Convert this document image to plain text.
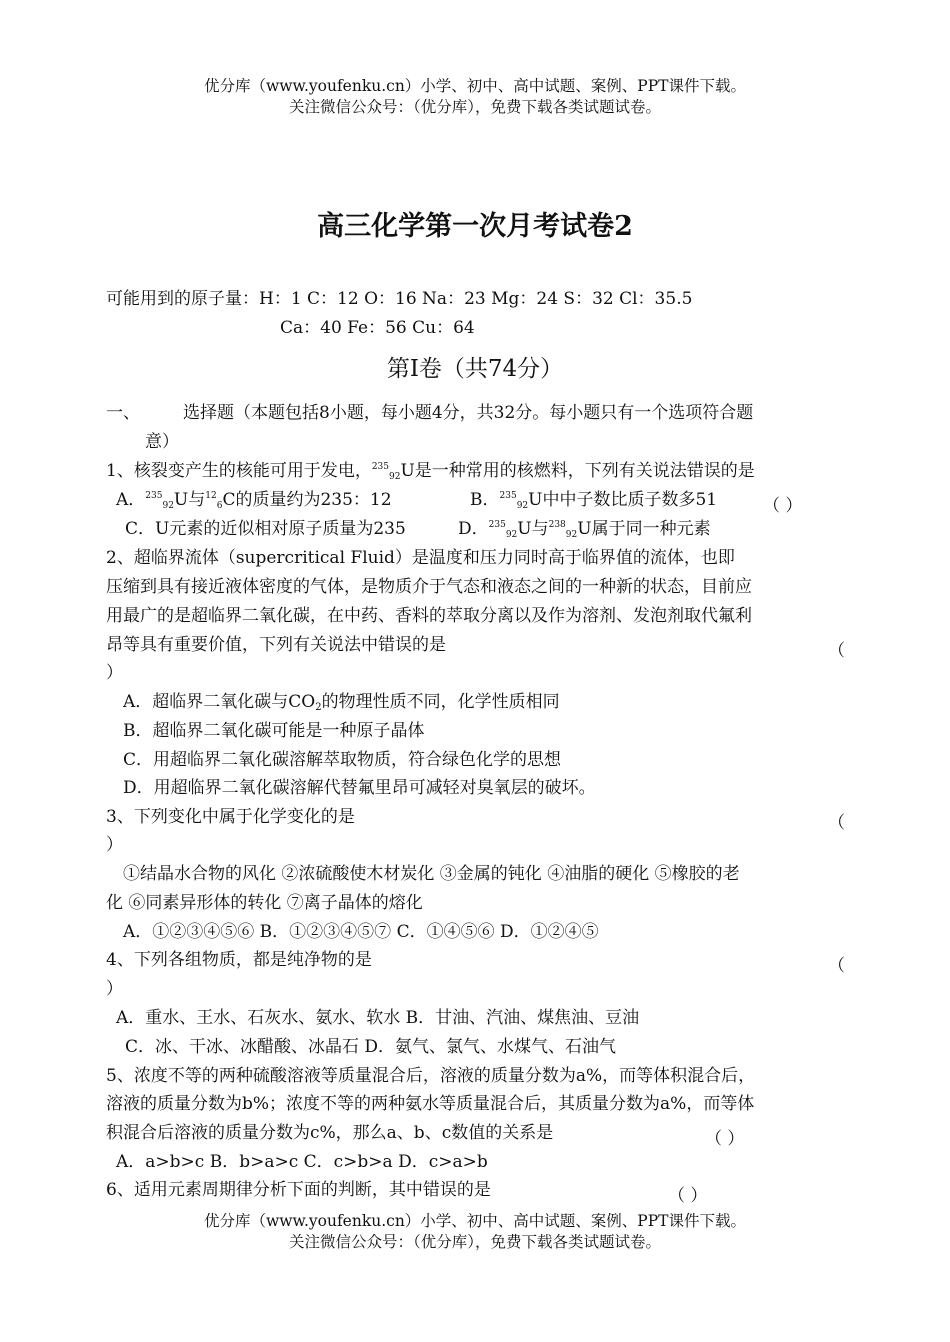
优分库（www.youfenku.cn）小学、初中、高中试题、案例、PPT课件下载。
关注微信公众号：（优分库），免费下载各类试题试卷。
高三化学第一次月考试卷2
可能用到的原子量：H：1 C：12 O：16 Na：23 Mg：24 S：32 Cl：35.5
Ca：40 Fe：56 Cu：64
第Ⅰ卷（共74分）
一、	选择题（本题包括8小题，每小题4分，共32分。每小题只有一个选项符合题
意）
1、核裂变产生的核能可用于发电，$^{235}$92U是一种常用的核燃料，下列有关说法错误的是
A．$^{235}$92U与$^{12}$6C的质量约为235：12	B．$^{235}$92U中中子数比质子数多51	（ ）
C．U元素的近似相对原子质量为235	D．$^{235}$92U与$^{238}$92U属于同一种元素
2、超临界流体（supercritical Fluid）是温度和压力同时高于临界值的流体，也即
压缩到具有接近液体密度的气体，是物质介于气态和液态之间的一种新的状态，目前应
用最广的是超临界二氧化碳，在中药、香料的萃取分离以及作为溶剂、发泡剂取代氟利
昂等具有重要价值，下列有关说法中错误的是	（
）
A．超临界二氧化碳与CO2的物理性质不同，化学性质相同
B．超临界二氧化碳可能是一种原子晶体
C．用超临界二氧化碳溶解萃取物质，符合绿色化学的思想
D．用超临界二氧化碳溶解代替氟里昂可减轻对臭氧层的破坏。
3、下列变化中属于化学变化的是	（
）
①结晶水合物的风化 ②浓硫酸使木材炭化 ③金属的钝化 ④油脂的硬化 ⑤橡胶的老
化 ⑥同素异形体的转化 ⑦离子晶体的熔化
A．①②③④⑤⑥ B．①②③④⑤⑦ C．①④⑤⑥ D．①②④⑤
4、下列各组物质，都是纯净物的是	（
）
A．重水、王水、石灰水、氨水、软水 B．甘油、汽油、煤焦油、豆油
C．冰、干冰、冰醋酸、冰晶石 D．氨气、氯气、水煤气、石油气
5、浓度不等的两种硫酸溶液等质量混合后，溶液的质量分数为a%，而等体积混合后，
溶液的质量分数为b%；浓度不等的两种氨水等质量混合后，其质量分数为a%，而等体
积混合后溶液的质量分数为c%，那么a、b、c数值的关系是	（ ）
A．a>b>c B．b>a>c C．c>b>a D．c>a>b
6、适用元素周期律分析下面的判断，其中错误的是	（ ）
优分库（www.youfenku.cn）小学、初中、高中试题、案例、PPT课件下载。
关注微信公众号：（优分库），免费下载各类试题试卷。
